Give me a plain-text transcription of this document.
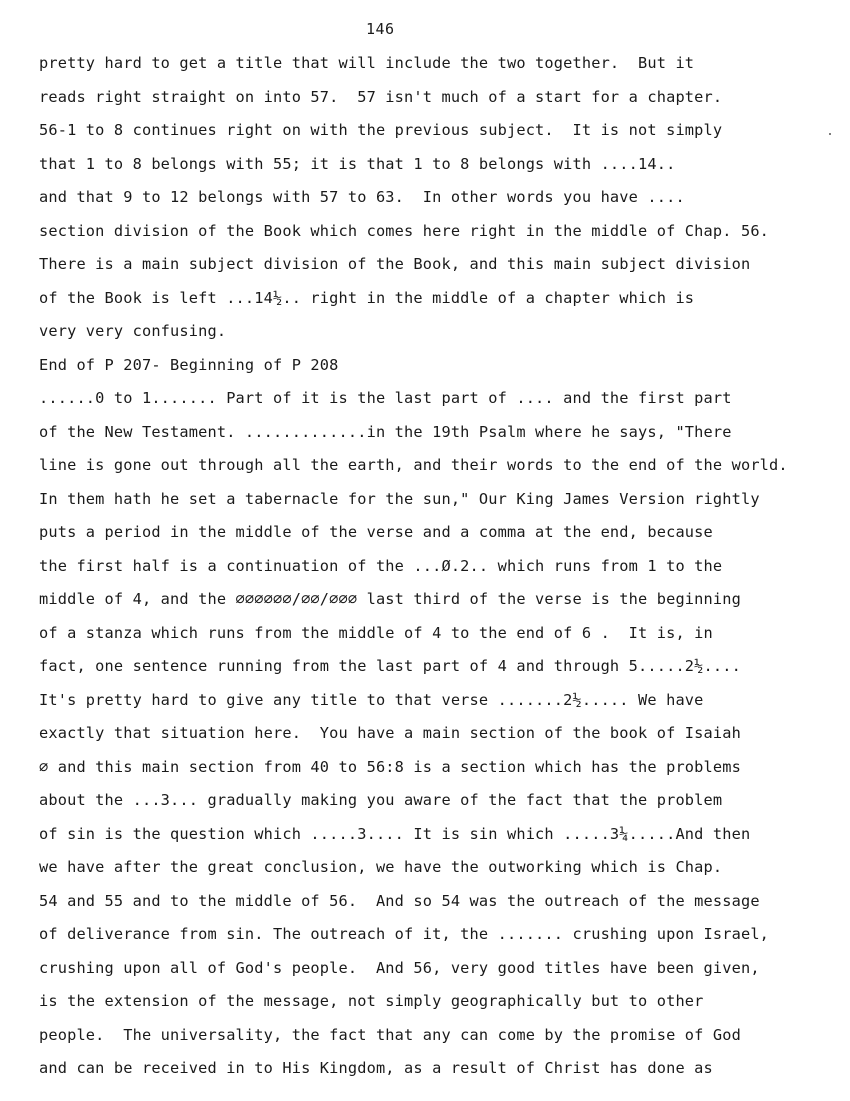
146
pretty hard to get a title that will include the two together.  But it
reads right straight on into 57.  57 isn't much of a start for a chapter.
56-1 to 8 continues right on with the previous subject.  It is not simply
that 1 to 8 belongs with 55; it is that 1 to 8 belongs with ....14..
and that 9 to 12 belongs with 57 to 63.  In other words you have ....
section division of the Book which comes here right in the middle of Chap. 56.
There is a main subject division of the Book, and this main subject division
of the Book is left ...14½.. right in the middle of a chapter which is
very very confusing.
End of P 207- Beginning of P 208
......0 to 1....... Part of it is the last part of .... and the first part
of the New Testament. .............in the 19th Psalm where he says, "There
line is gone out through all the earth, and their words to the end of the world.
In them hath he set a tabernacle for the sun," Our King James Version rightly
puts a period in the middle of the verse and a comma at the end, because
the first half is a continuation of the ...Ø.2.. which runs from 1 to the
middle of 4, and the ∅∅∅∅∅∅/∅∅/∅∅∅ last third of the verse is the beginning
of a stanza which runs from the middle of 4 to the end of 6 .  It is, in
fact, one sentence running from the last part of 4 and through 5.....2½....
It's pretty hard to give any title to that verse .......2½..... We have
exactly that situation here.  You have a main section of the book of Isaiah
∅ and this main section from 40 to 56:8 is a section which has the problems
about the ...3... gradually making you aware of the fact that the problem
of sin is the question which .....3.... It is sin which .....3¼.....And then
we have after the great conclusion, we have the outworking which is Chap.
54 and 55 and to the middle of 56.  And so 54 was the outreach of the message
of deliverance from sin. The outreach of it, the ....... crushing upon Israel,
crushing upon all of God's people.  And 56, very good titles have been given,
is the extension of the message, not simply geographically but to other
people.  The universality, the fact that any can come by the promise of God
and can be received in to His Kingdom, as a result of Christ has done as
